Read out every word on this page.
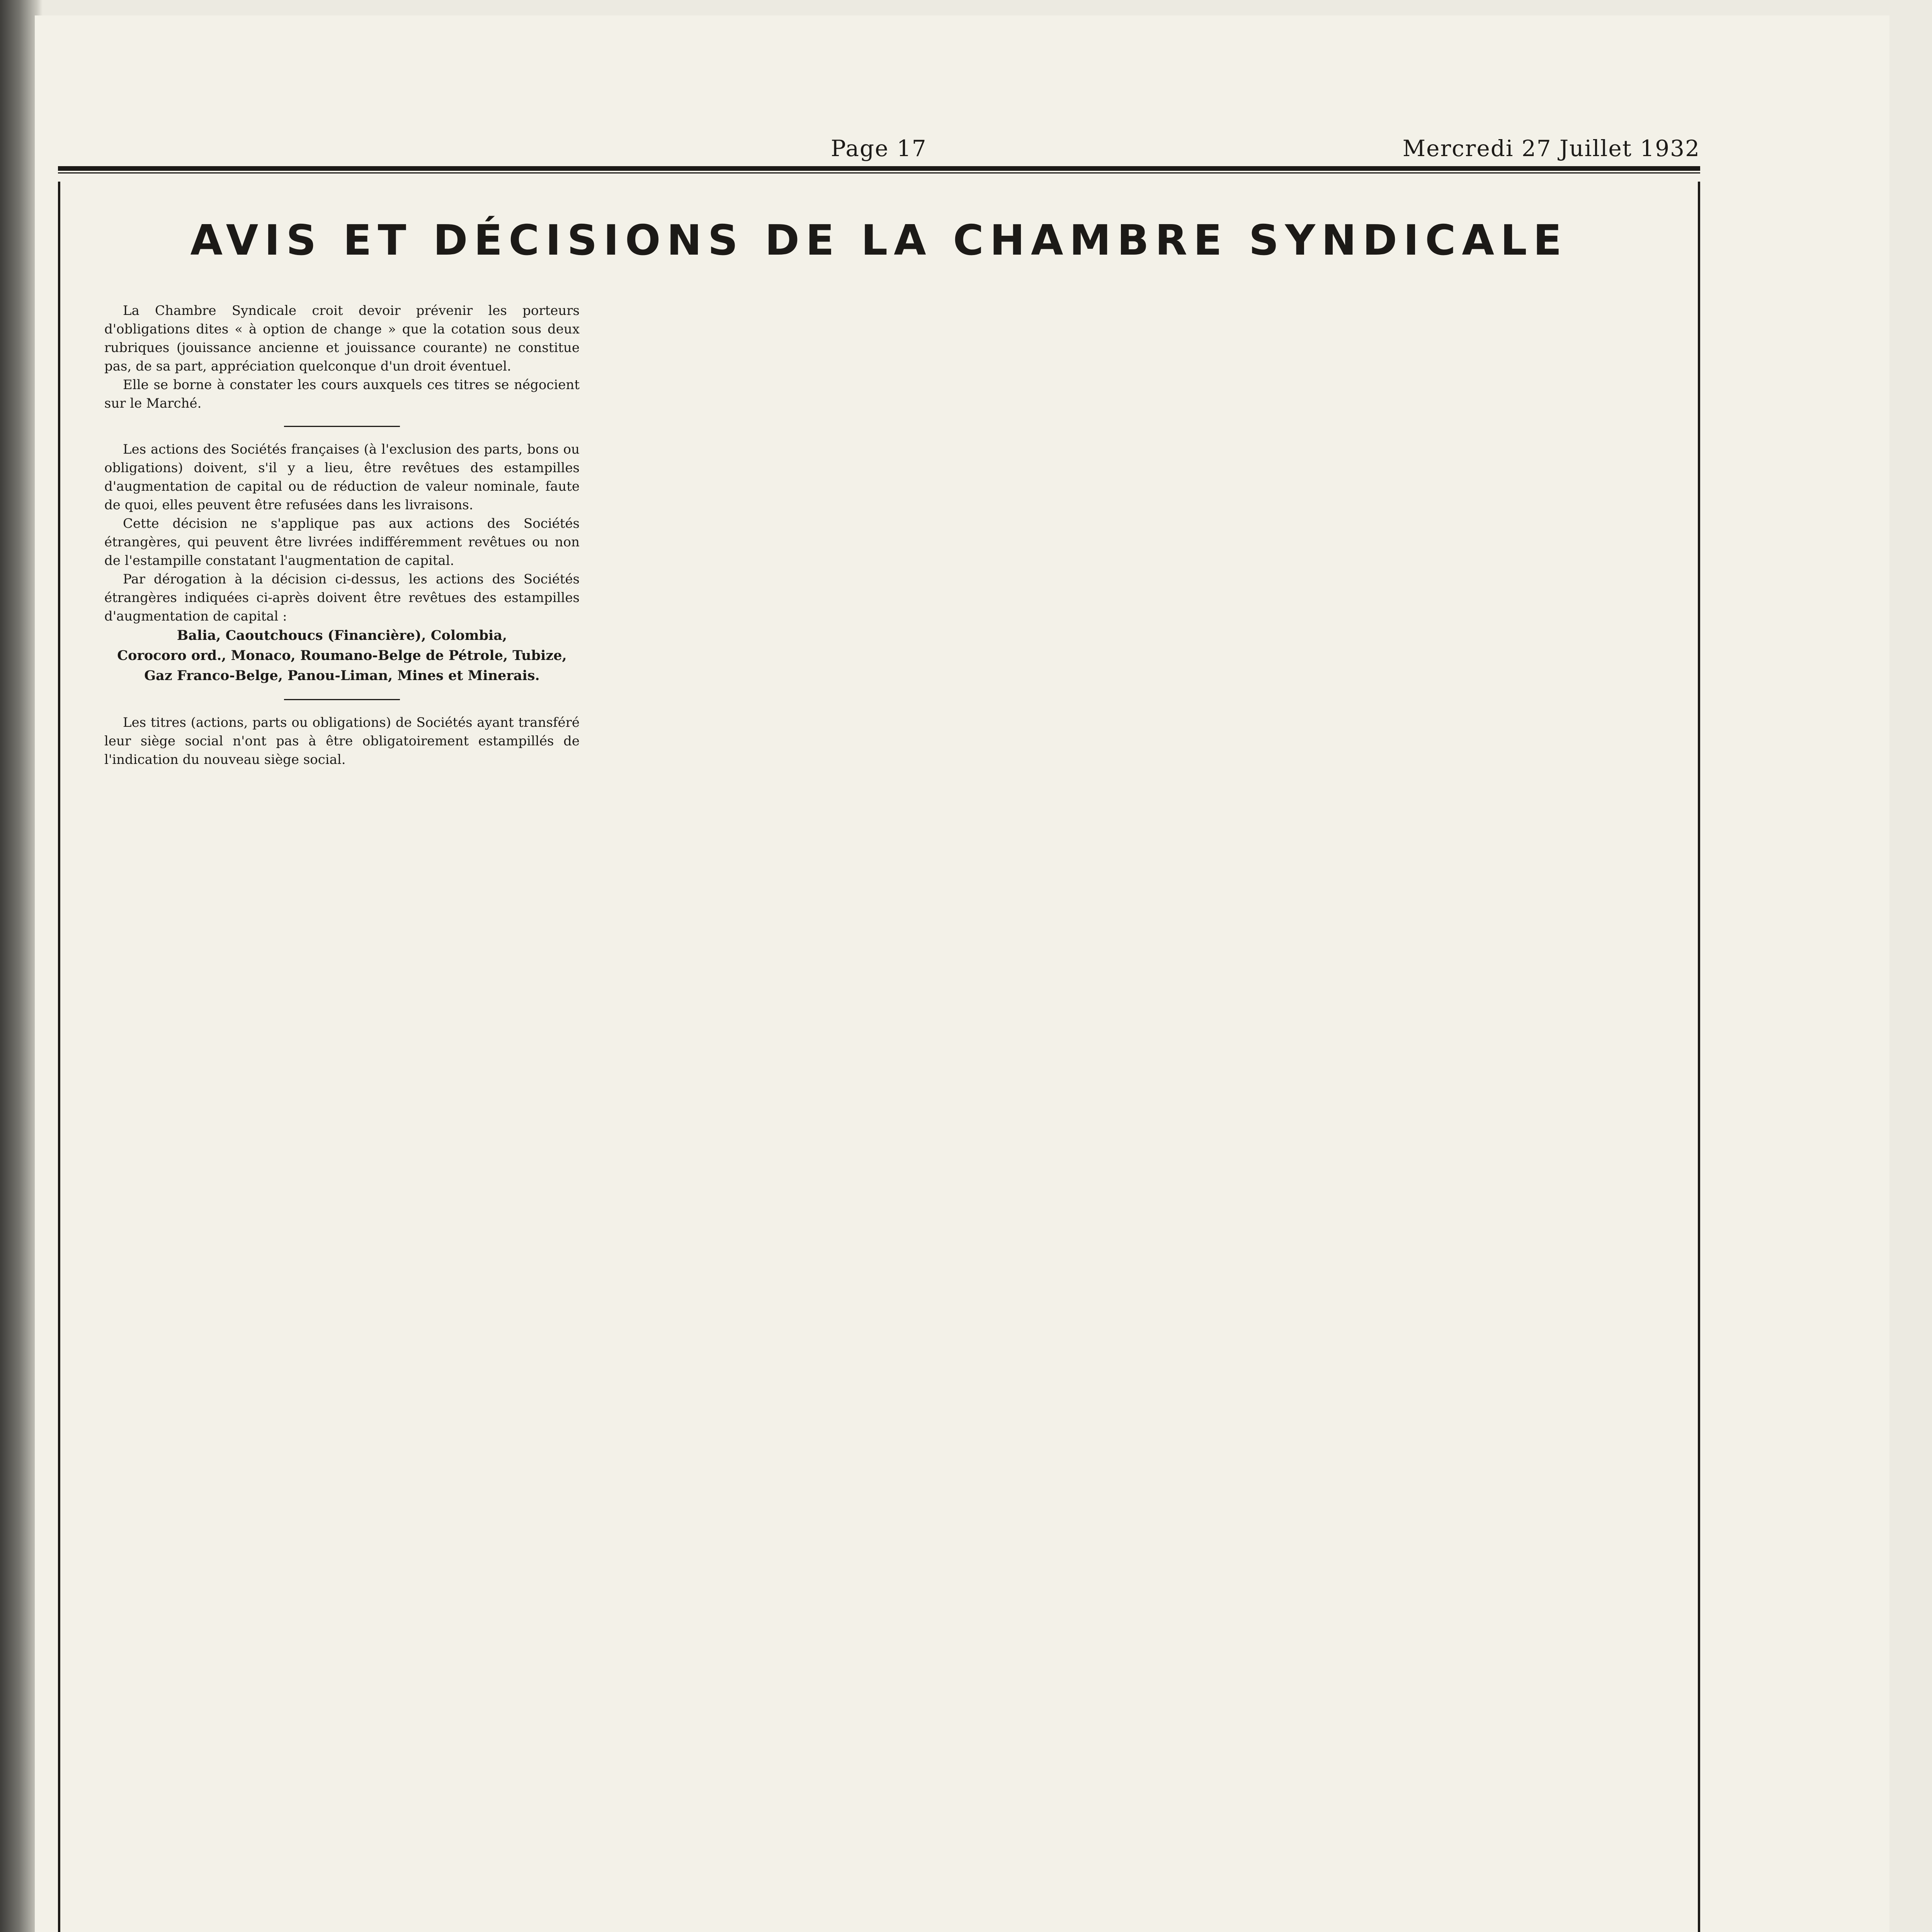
Page 17	Mercredi 27 Juillet 1932
AVIS ET DÉCISIONS DE LA CHAMBRE SYNDICALE

La Chambre Syndicale croit devoir prévenir les porteurs d'obligations dites « à option de change » que la cotation sous deux rubriques (jouissance ancienne et jouissance courante) ne constitue pas, de sa part, appréciation quelconque d'un droit éventuel.

Elle se borne à constater les cours auxquels ces titres se négocient sur le Marché.

Les actions des Sociétés françaises (à l'exclusion des parts, bons ou obligations) doivent, s'il y a lieu, être revêtues des estampilles d'augmentation de capital ou de réduction de valeur nominale, faute de quoi, elles peuvent être refusées dans les livraisons.

Cette décision ne s'applique pas aux actions des Sociétés étrangères, qui peuvent être livrées indifféremment revêtues ou non de l'estampille constatant l'augmentation de capital.

Par dérogation à la décision ci-dessus, les actions des Sociétés étrangères indiquées ci-après doivent être revêtues des estampilles d'augmentation de capital :

Balia, Caoutchoucs (Financière), Colombia,
Corocoro ord., Monaco, Roumano-Belge de Pétrole, Tubize,
Gaz Franco-Belge, Panou-Liman, Mines et Minerais.

Les titres (actions, parts ou obligations) de Sociétés ayant transféré leur siège social n'ont pas à être obligatoirement estampillés de l'indication du nouveau siège social.
